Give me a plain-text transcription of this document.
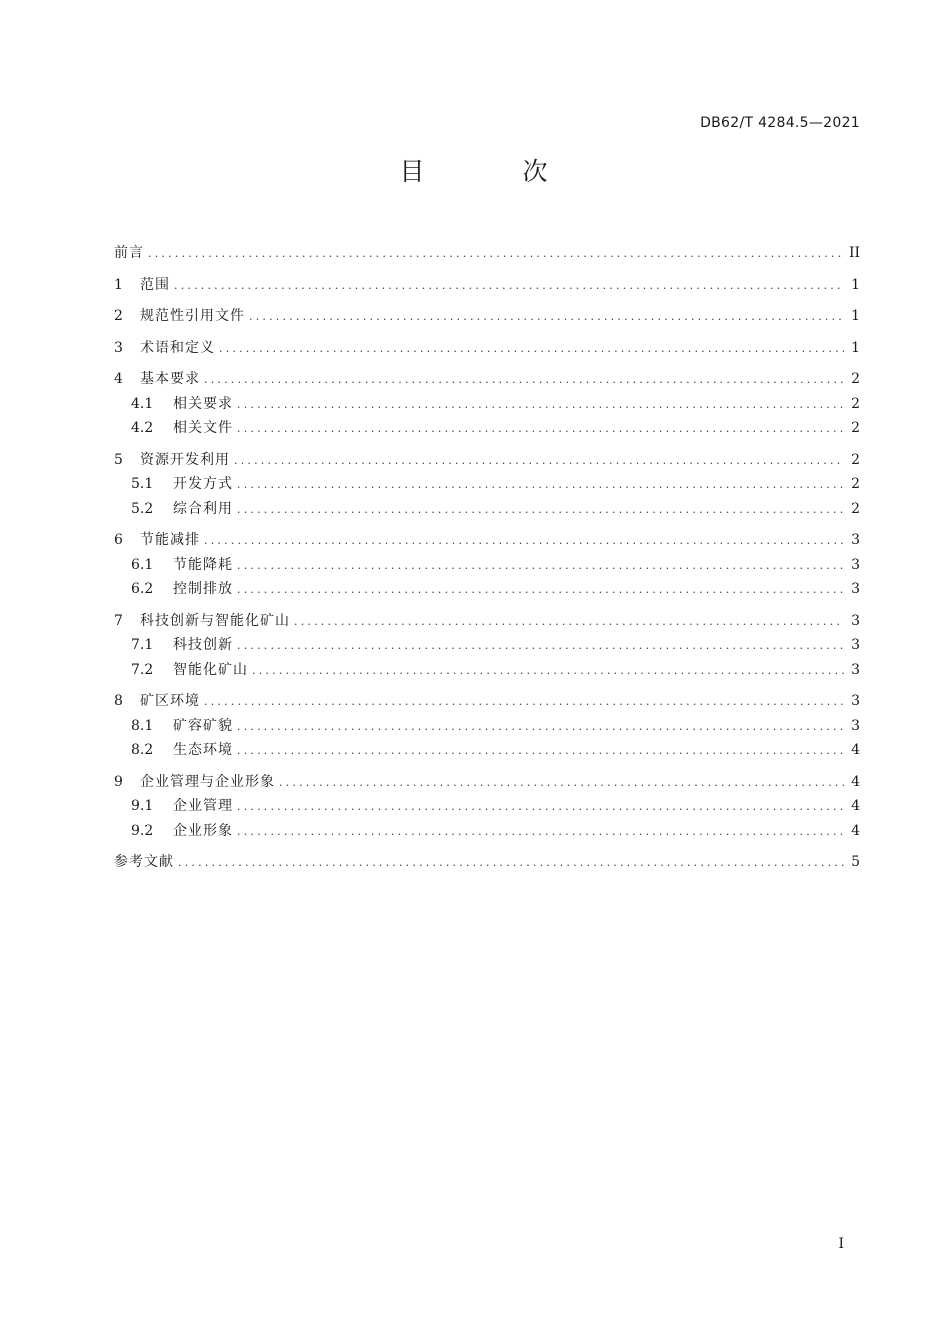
DB62/T 4284.5—2021
目 次
前言 .....	II
1	范围 .....	1
2	规范性引用文件 .....	1
3	术语和定义 .....	1
4	基本要求 .....	2
4.1	相关要求 .....	2
4.2	相关文件 .....	2
5	资源开发利用 .....	2
5.1	开发方式 .....	2
5.2	综合利用 .....	2
6	节能减排 .....	3
6.1	节能降耗 .....	3
6.2	控制排放 .....	3
7	科技创新与智能化矿山 .....	3
7.1	科技创新 .....	3
7.2	智能化矿山 .....	3
8	矿区环境 .....	3
8.1	矿容矿貌 .....	3
8.2	生态环境 .....	4
9	企业管理与企业形象 .....	4
9.1	企业管理 .....	4
9.2	企业形象 .....	4
参考文献 .....	5
I
